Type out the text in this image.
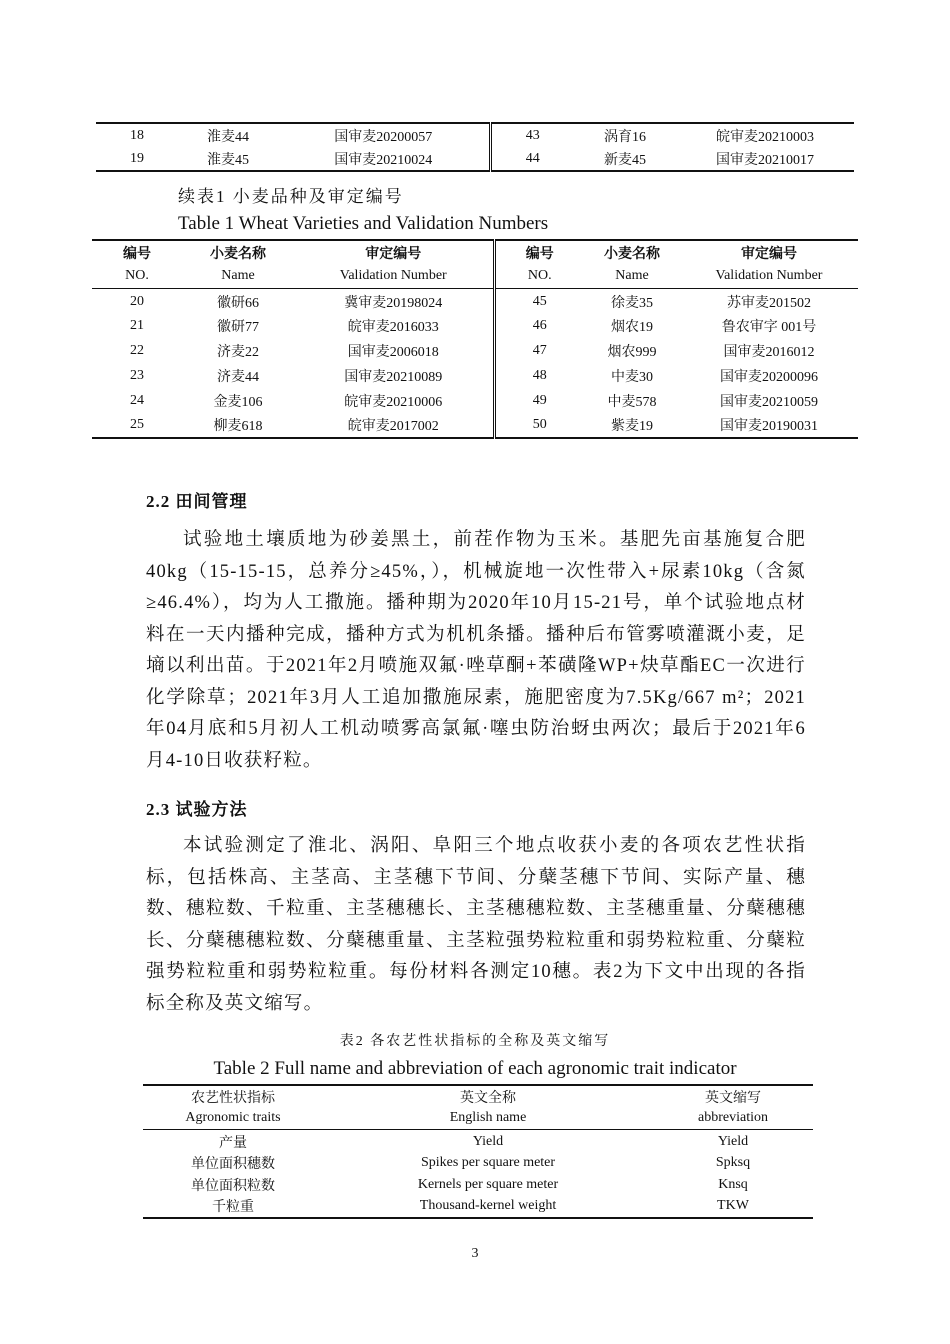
18	淮麦44	国审麦20200057	43	涡育16	皖审麦20210003
19	淮麦45	国审麦20210024	44	新麦45	国审麦20210017
续表1 小麦品种及审定编号
Table 1 Wheat Varieties and Validation Numbers
编号	小麦名称	审定编号	编号	小麦名称	审定编号
NO.	Name	Validation Number	NO.	Name	Validation Number
20	徽研66	冀审麦20198024	45	徐麦35	苏审麦201502
21	徽研77	皖审麦2016033	46	烟农19	鲁农审字 001号
22	济麦22	国审麦2006018	47	烟农999	国审麦2016012
23	济麦44	国审麦20210089	48	中麦30	国审麦20200096
24	金麦106	皖审麦20210006	49	中麦578	国审麦20210059
25	柳麦618	皖审麦2017002	50	紫麦19	国审麦20190031
2.2 田间管理
试验地土壤质地为砂姜黑土，前茬作物为玉米。基肥先亩基施复合肥40kg（15-15-15，总养分≥45%，），机械旋地一次性带入+尿素10kg（含氮≥46.4%），均为人工撒施。播种期为2020年10月15-21号，单个试验地点材料在一天内播种完成，播种方式为机机条播。播种后布管雾喷灌溉小麦，足墒以利出苗。于2021年2月喷施双氟·唑草酮+苯磺隆WP+炔草酯EC一次进行化学除草；2021年3月人工追加撒施尿素，施肥密度为7.5Kg/667 m²；2021年04月底和5月初人工机动喷雾高氯氟·噻虫防治蚜虫两次；最后于2021年6月4-10日收获籽粒。
2.3 试验方法
本试验测定了淮北、涡阳、阜阳三个地点收获小麦的各项农艺性状指标，包括株高、主茎高、主茎穗下节间、分蘖茎穗下节间、实际产量、穗数、穗粒数、千粒重、主茎穗穗长、主茎穗穗粒数、主茎穗重量、分蘖穗穗长、分蘖穗穗粒数、分蘖穗重量、主茎粒强势粒粒重和弱势粒粒重、分蘖粒强势粒粒重和弱势粒粒重。每份材料各测定10穗。表2为下文中出现的各指标全称及英文缩写。
表2 各农艺性状指标的全称及英文缩写
Table 2 Full name and abbreviation of each agronomic trait indicator
农艺性状指标	英文全称	英文缩写
Agronomic traits	English name	abbreviation
产量	Yield	Yield
单位面积穗数	Spikes per square meter	Spksq
单位面积粒数	Kernels per square meter	Knsq
千粒重	Thousand-kernel weight	TKW
3
